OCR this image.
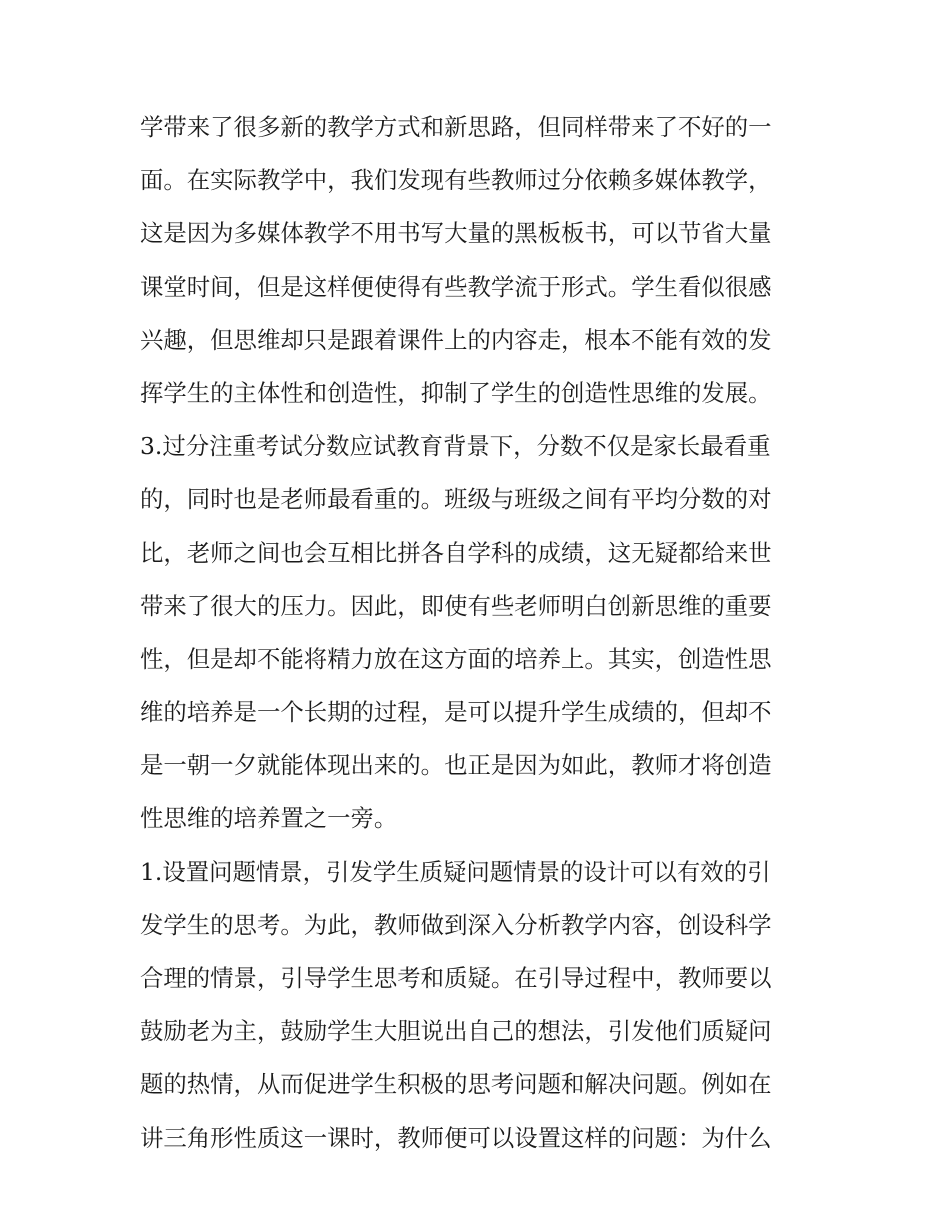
学带来了很多新的教学方式和新思路，但同样带来了不好的一

面。在实际教学中，我们发现有些教师过分依赖多媒体教学，

这是因为多媒体教学不用书写大量的黑板板书，可以节省大量

课堂时间，但是这样便使得有些教学流于形式。学生看似很感

兴趣，但思维却只是跟着课件上的内容走，根本不能有效的发

挥学生的主体性和创造性，抑制了学生的创造性思维的发展。

3.过分注重考试分数应试教育背景下，分数不仅是家长最看重

的，同时也是老师最看重的。班级与班级之间有平均分数的对

比，老师之间也会互相比拼各自学科的成绩，这无疑都给来世

带来了很大的压力。因此，即使有些老师明白创新思维的重要

性，但是却不能将精力放在这方面的培养上。其实，创造性思

维的培养是一个长期的过程，是可以提升学生成绩的，但却不

是一朝一夕就能体现出来的。也正是因为如此，教师才将创造

性思维的培养置之一旁。

1.设置问题情景，引发学生质疑问题情景的设计可以有效的引

发学生的思考。为此，教师做到深入分析教学内容，创设科学

合理的情景，引导学生思考和质疑。在引导过程中，教师要以

鼓励老为主，鼓励学生大胆说出自己的想法，引发他们质疑问

题的热情，从而促进学生积极的思考问题和解决问题。例如在

讲三角形性质这一课时，教师便可以设置这样的问题：为什么
